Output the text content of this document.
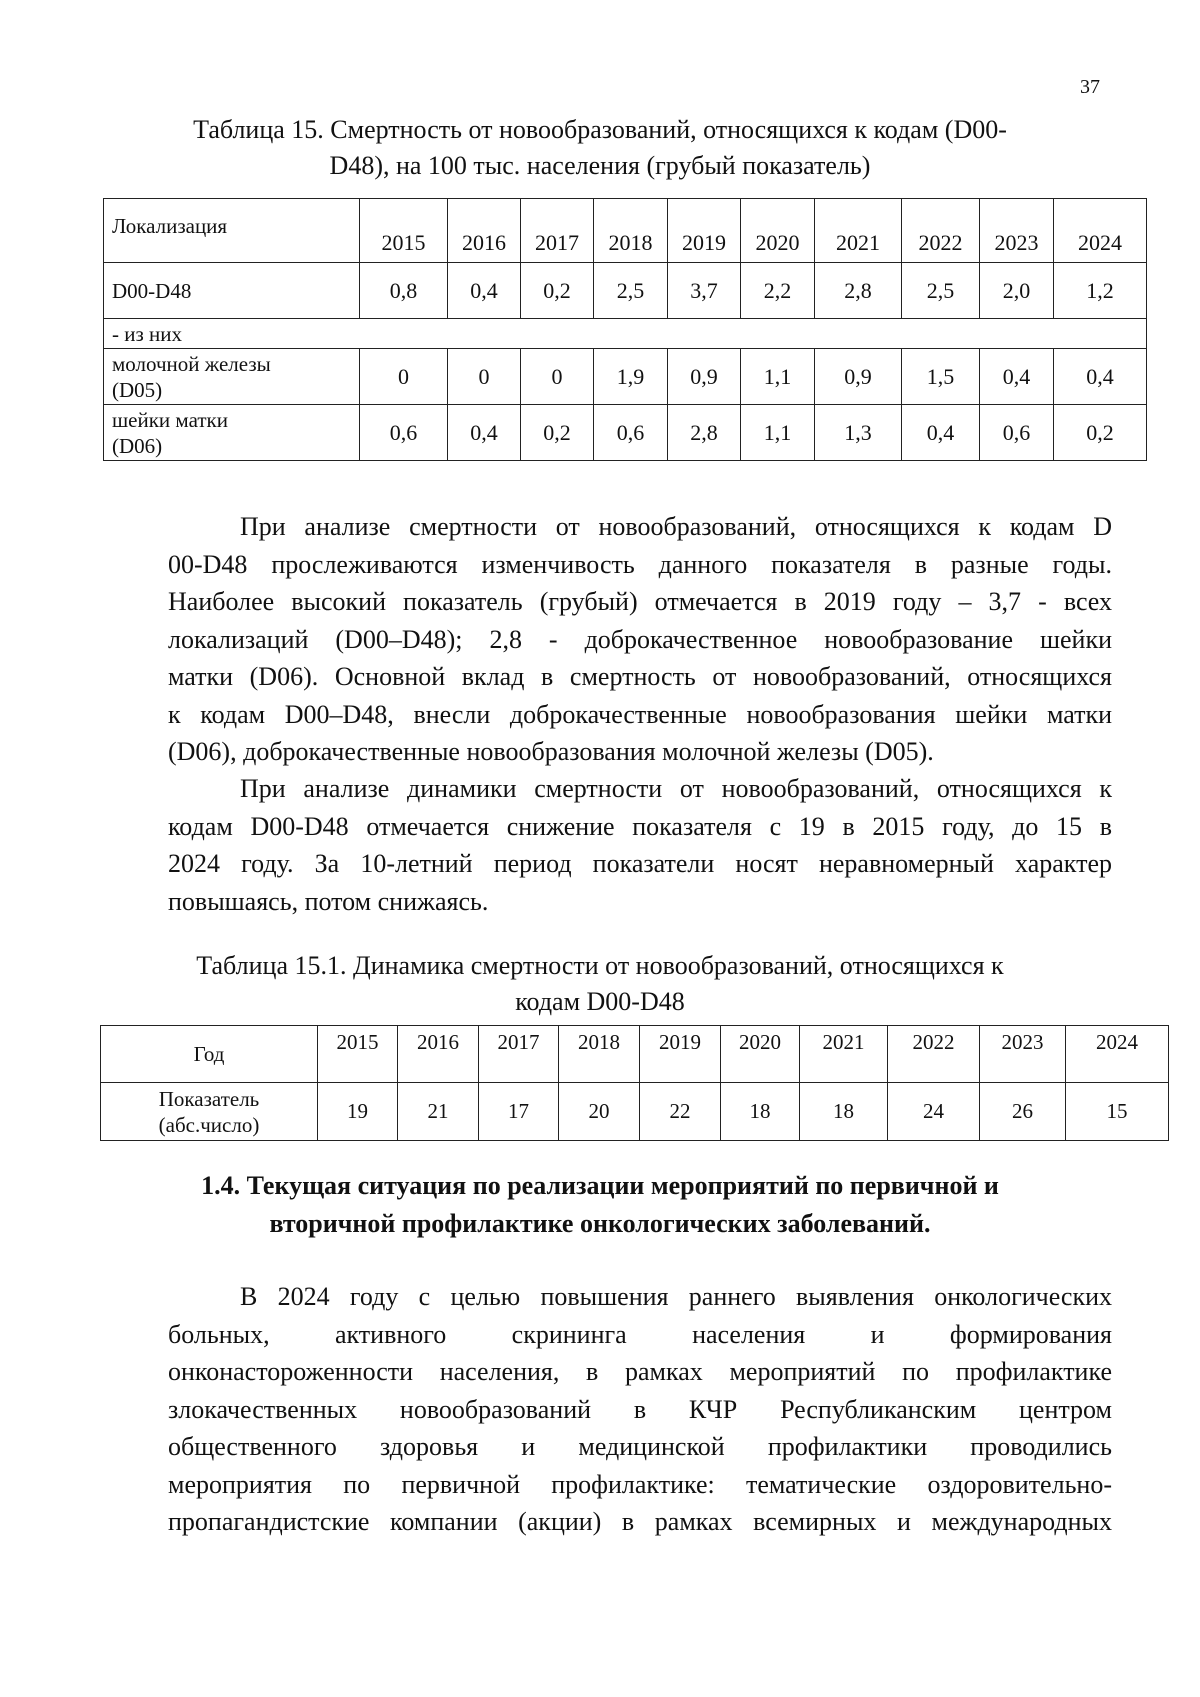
37
Таблица 15. Смертность от новообразований, относящихся к кодам (D00-
D48), на 100 тыс. населения (грубый показатель)
Локализация	2015	2016	2017	2018	2019	2020	2021	2022	2023	2024
D00-D48	0,8	0,4	0,2	2,5	3,7	2,2	2,8	2,5	2,0	1,2
- из них										

молочной железы
(D05)	0	0	0	1,9	0,9	1,1	0,9	1,5	0,4	0,4

шейки матки
(D06)	0,6	0,4	0,2	0,6	2,8	1,1	1,3	0,4	0,6	0,2
При анализе смертности от новообразований, относящихся к кодам D
00-D48 прослеживаются изменчивость данного показателя в разные годы.
Наиболее высокий показатель (грубый) отмечается в 2019 году – 3,7 - всех
локализаций (D00–D48); 2,8 - доброкачественное новообразование шейки
матки (D06). Основной вклад в смертность от новообразований, относящихся
к кодам D00–D48, внесли доброкачественные новообразования шейки матки
(D06), доброкачественные новообразования молочной железы (D05).
При анализе динамики смертности от новообразований, относящихся к
кодам D00-D48 отмечается снижение показателя с 19 в 2015 году, до 15 в
2024 году. За 10-летний период показатели носят неравномерный характер
повышаясь, потом снижаясь.
Таблица 15.1. Динамика смертности от новообразований, относящихся к
кодам D00-D48
Год	2015	2016	2017	2018	2019	2020	2021	2022	2023	2024

Показатель
(абс.число)	19	21	17	20	22	18	18	24	26	15
1.4. Текущая ситуация по реализации мероприятий по первичной и
вторичной профилактике онкологических заболеваний.
В 2024 году с целью повышения раннего выявления онкологических
больных, активного скрининга населения и формирования
онконастороженности населения, в рамках мероприятий по профилактике
злокачественных новообразований в КЧР Республиканским центром
общественного здоровья и медицинской профилактики проводились
мероприятия по первичной профилактике: тематические оздоровительно-
пропагандистские компании (акции) в рамках всемирных и международных
